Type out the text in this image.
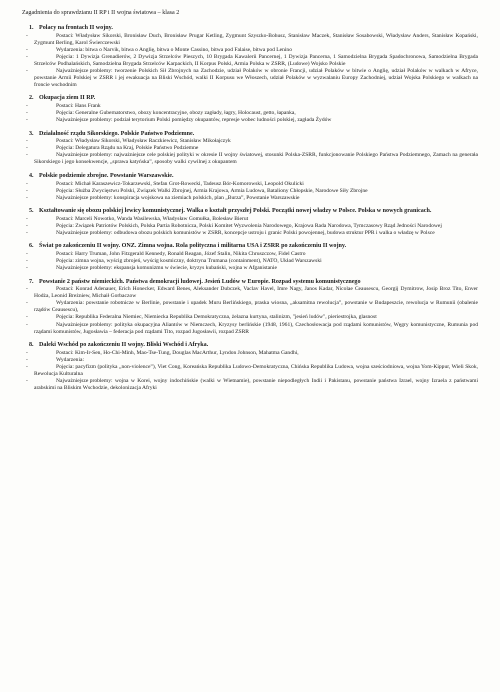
Zagadnienia do sprawdzianu II RP i II wojna światowa – klasa 2
1. Polacy na frontach II wojny.
-	Postaci: Władysław Sikorski, Bronisław Duch, Bronisław Prugar Ketling, Zygmunt Szyszko-Bohusz, Stanisław Maczek, Stanisław Sosabowski, Władysław Anders, Stanisław Kopański, Zygmunt Berling, Karol Świerczewski
-	Wydarzenia: bitwa o Narvik, bitwa o Anglię, bitwa o Monte Cassino, bitwa pod Falaise, bitwa pod Lenino
-	Pojęcia: 1 Dywizja Grenadierów, 2 Dywizja Strzelców Pieszych, 10 Brygada Kawalerii Pancernej, 1 Dywizja Pancerna, 1 Samodzielna Brygada Spadochronowa, Samodzielna Brygada Strzelców Podhalańskich, Samodzielna Brygada Strzelców Karpackich, II Korpus Polski, Armia Polska w ZSRR, (Ludowe) Wojsko Polskie
-	Najważniejsze problemy: tworzenie Polskich Sił Zbrojnych na Zachodzie, udział Polaków w obronie Francji, udział Polaków w bitwie o Anglię, udział Polaków w walkach w Afryce, powstanie Armii Polskiej w ZSRR i jej ewakuacja na Bliski Wschód, walki II Korpusu we Włoszech, udział Polaków w wyzwalaniu Europy Zachodniej, udział Wojska Polskiego w walkach na froncie wschodnim
2. Okupacja ziem II RP.
-	Postaci: Hans Frank
-	Pojęcia: Generalne Gubernatorstwo, obozy koncentracyjne, obozy zagłady, łagry, Holocaust, getto, łapanka,
-	Najważniejsze problemy: podział terytorium Polski pomiędzy okupantów, represje wobec ludności polskiej, zagłada Żydów
3. Działalność rządu Sikorskiego. Polskie Państwo Podziemne.
-	Postaci: Władysław Sikorski, Władysław Raczkiewicz, Stanisław Mikołajczyk
-	Pojęcia: Delegatura Rządu na Kraj, Polskie Państwo Podziemne
-	Najważniejsze problemy: najważniejsze cele polskiej polityki w okresie II wojny światowej, stosunki Polska-ZSRR, funkcjonowanie Polskiego Państwa Podziemnego, Zamach na generała Sikorskiego i jego konsekwencje, „sprawa katyńska”, sposoby walki cywilnej z okupantem
4. Polskie podziemie zbrojne. Powstanie Warszawskie.
-	Postaci: Michał Karaszewicz-Tokarzewski, Stefan Grot-Rowecki, Tadeusz Bór-Komorowski, Leopold Okulicki
-	Pojęcia: Służba Zwycięstwu Polski, Związek Walki Zbrojnej, Armia Krajowa, Armia Ludowa, Bataliony Chłopskie, Narodowe Siły Zbrojne
-	Najważniejsze problemy: konspiracja wojskowa na ziemiach polskich, plan „Burza”, Powstanie Warszawskie
5. Kształtowanie się obozu polskiej lewicy komunistycznej. Walka o kształt przyszłej Polski. Początki nowej władzy w Polsce. Polska w nowych granicach.
-	Postaci: Marceli Nowotko, Wanda Wasilewska, Władysław Gomułka, Bolesław Bierut
-	Pojęcia: Związek Patriotów Polskich, Polska Partia Robotnicza, Polski Komitet Wyzwolenia Narodowego, Krajowa Rada Narodowa, Tymczasowy Rząd Jedności Narodowej
-	Najważniejsze problemy: odbudowa obozu polskich komunistów w ZSRR, koncepcje ustroju i granic Polski powojennej, budowa struktur PPR i walka o władzę w Polsce
6. Świat po zakończeniu II wojny. ONZ. Zimna wojna. Rola polityczna i militarna USA i ZSRR po zakończeniu II wojny.
-	Postaci: Harry Truman, John Fitzgerald Kennedy, Ronald Reagan, Józef Stalin, Nikita Chruszczow, Fidel Castro
-	Pojęcia: zimna wojna, wyścig zbrojeń, wyścig kosmiczny, doktryna Trumana (containment), NATO, Układ Warszawski
-	Najważniejsze problemy: ekspansja komunizmu w świecie, kryzys kubański, wojna w Afganistanie
7. Powstanie 2 państw niemieckich. Państwa demokracji ludowej. Jesień Ludów w Europie. Rozpad systemu komunistycznego
-	Postaci: Konrad Adenauer, Erich Honecker, Edward Benes, Aleksander Dubczek, Vaclav Havel, Imre Nagy, Janos Kadar, Nicolae Ceausescu, Georgij Dymitrow, Josip Broz Tito, Enver Hodża, Leonid Breżniew, Michaił Gorbaczow
-	Wydarzenia: powstanie robotnicze w Berlinie, powstanie i upadek Muru Berlińskiego, praska wiosna, „aksamitna rewolucja”, powstanie w Budapeszcie, rewolucja w Rumunii (obalenie rządów Ceausescu),
-	Pojęcia: Republika Federalna Niemiec, Niemiecka Republika Demokratyczna, żelazna kurtyna, stalinizm, "jesień ludów", pieriestrojka, glasnost
-	Najważniejsze problemy: polityka okupacyjna Aliantów w Niemczech, Kryzysy berlińskie (1948, 1961), Czechosłowacja pod rządami komunistów, Węgry komunistyczne, Rumunia pod rządami komunistów, Jugosławia – federacja pod rządami Tito, rozpad Jugosławii, rozpad ZSRR
8. Daleki Wschód po zakończeniu II wojny. Bliski Wschód i Afryka.
-	Postaci: Kim-Ir-Sen, Ho-Chi-Minh, Mao-Tse-Tung, Douglas MacArthur, Lyndon Johnson, Mahatma Gandhi,
-	Wydarzenia:
-	Pojęcia: pacyfizm (polityka „non-violence”), Viet Cong, Koreańska Republika Ludowo-Demokratyczna, Chińska Republika Ludowa, wojna sześciodniowa, wojna Yom-Kippur, Wieli Skok, Rewolucja Kulturalna
-	Najważniejsze problemy: wojna w Korei, wojny indochińskie (walki w Wietnamie), powstanie niepodległych Indii i Pakistanu, powstanie państwa Izrael, wojny Izraela z państwami arabskimi na Bliskim Wschodzie, dekolonizacja Afryki
